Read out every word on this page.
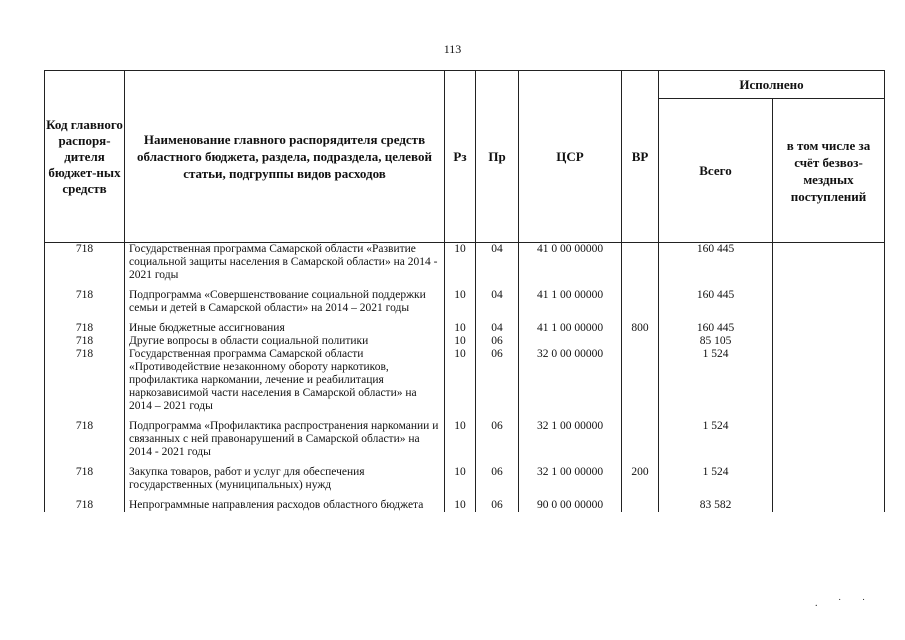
113
Код главного распоря-дителя бюджет-ных средств	Наименование главного распорядителя средств областного бюджета, раздела, подраздела, целевой статьи, подгруппы видов расходов	Рз	Пр	ЦСР	ВР	Исполнено	
						Всего	в том числе за счёт безвоз-мездных поступлений
718	Государственная программа Самарской области «Развитие социальной защиты населения в Самарской области» на 2014 - 2021 годы	10	04	41 0 00 00000		160 445	

718	Подпрограмма «Совершенствование социальной поддержки семьи и детей в Самарской области» на 2014 – 2021 годы	10	04	41 1 00 00000		160 445	

718	Иные бюджетные ассигнования	10	04	41 1 00 00000	800	160 445	
718	Другие вопросы в области социальной политики	10	06			85 105	
718	Государственная программа Самарской области «Противодействие незаконному обороту наркотиков, профилактика наркомании, лечение и реабилитация наркозависимой части населения в Самарской области» на 2014 – 2021 годы	10	06	32 0 00 00000		1 524	

718	Подпрограмма «Профилактика распространения наркомании и связанных с ней правонарушений в Самарской области» на 2014 - 2021 годы	10	06	32 1 00 00000		1 524	

718	Закупка товаров, работ и услуг для обеспечения государственных (муниципальных) нужд	10	06	32 1 00 00000	200	1 524	

718	Непрограммные направления расходов областного бюджета	10	06	90 0 00 00000		83 582	
. ˙ ˙
